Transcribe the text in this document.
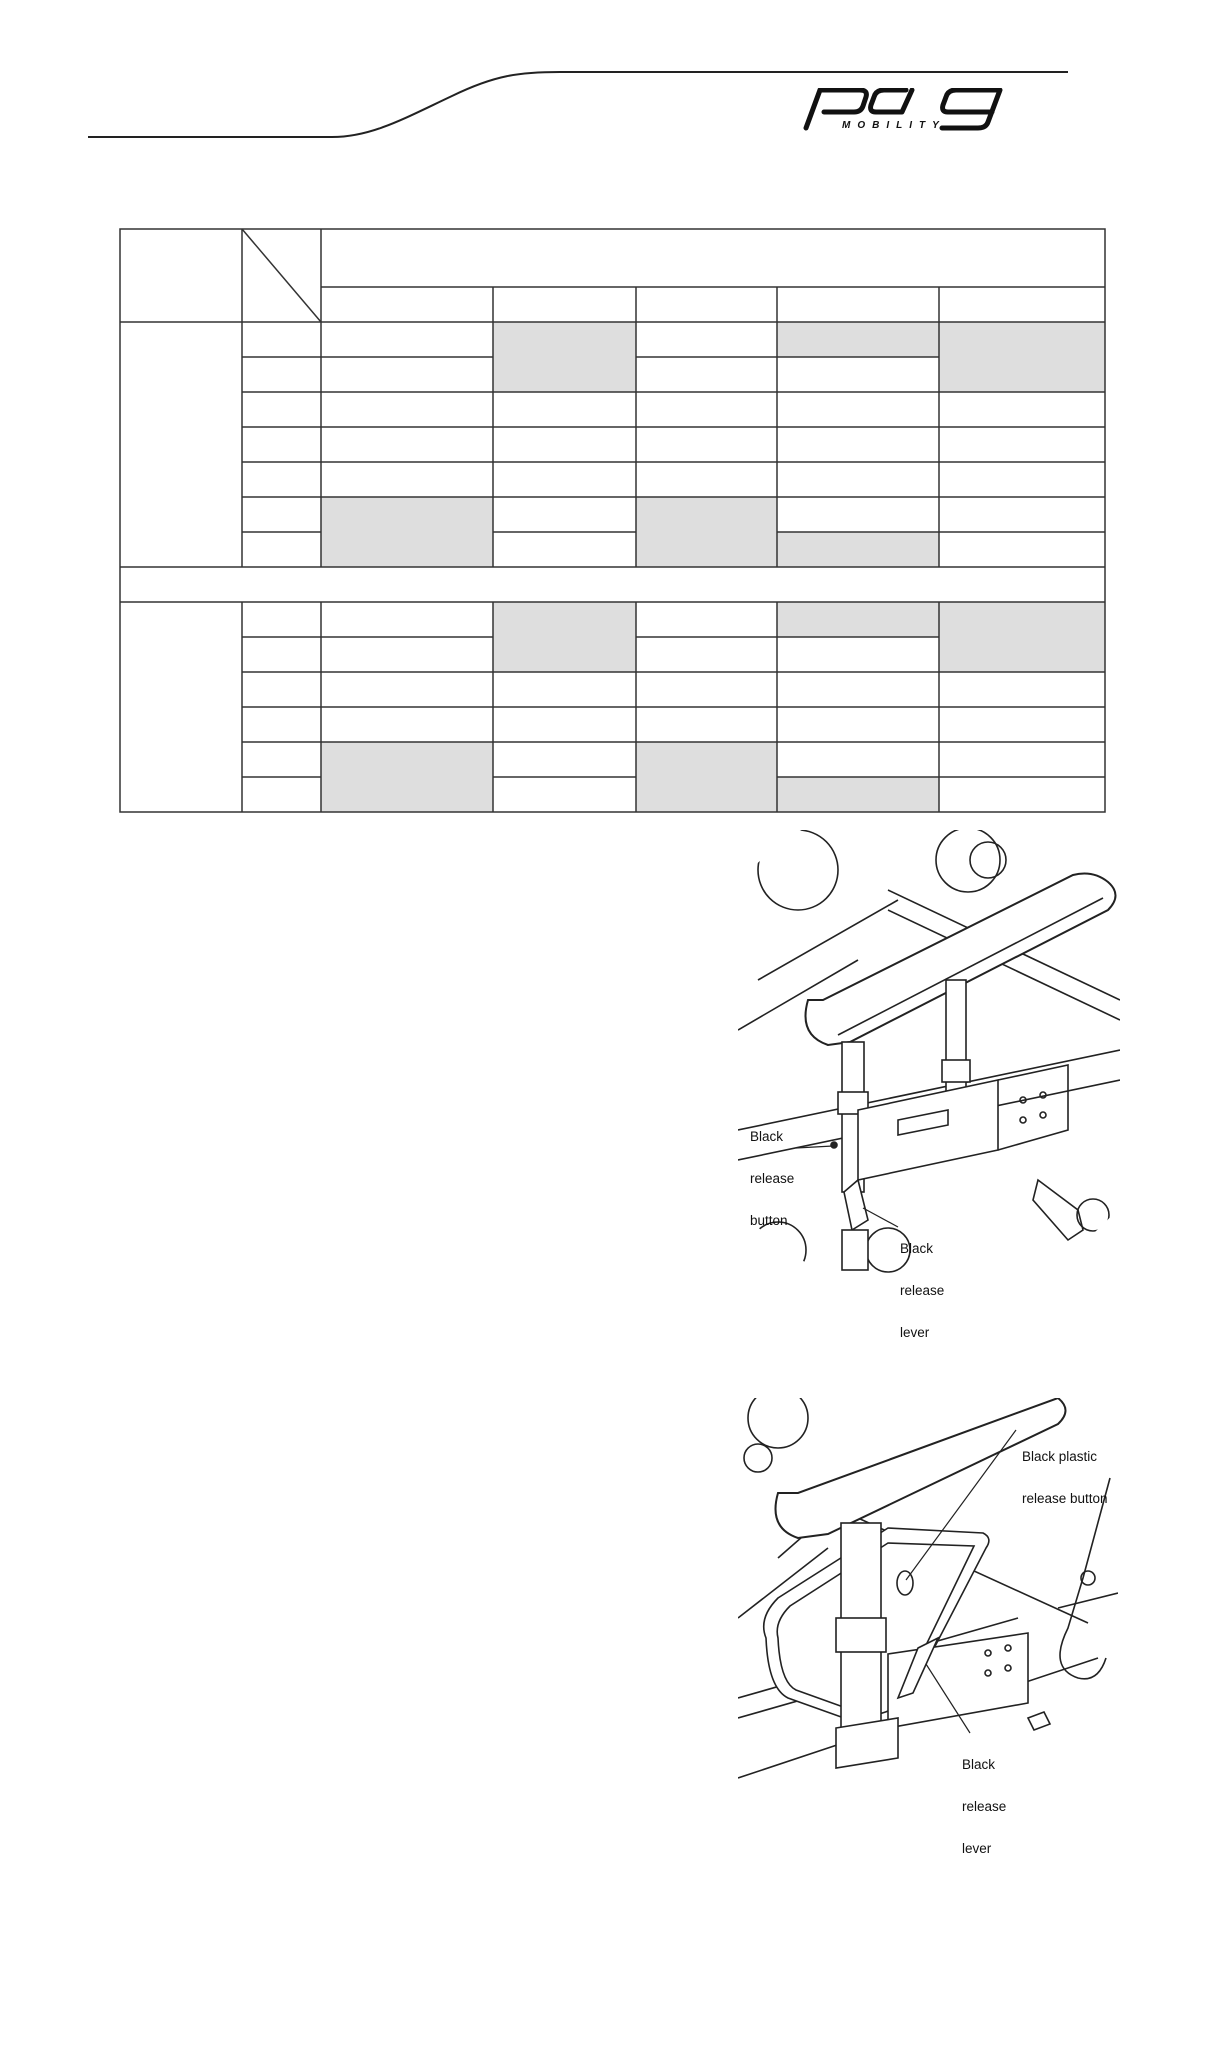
MOBILITY

Black

release

button

Black

release

lever

Black plastic

release button

Black

release

lever
